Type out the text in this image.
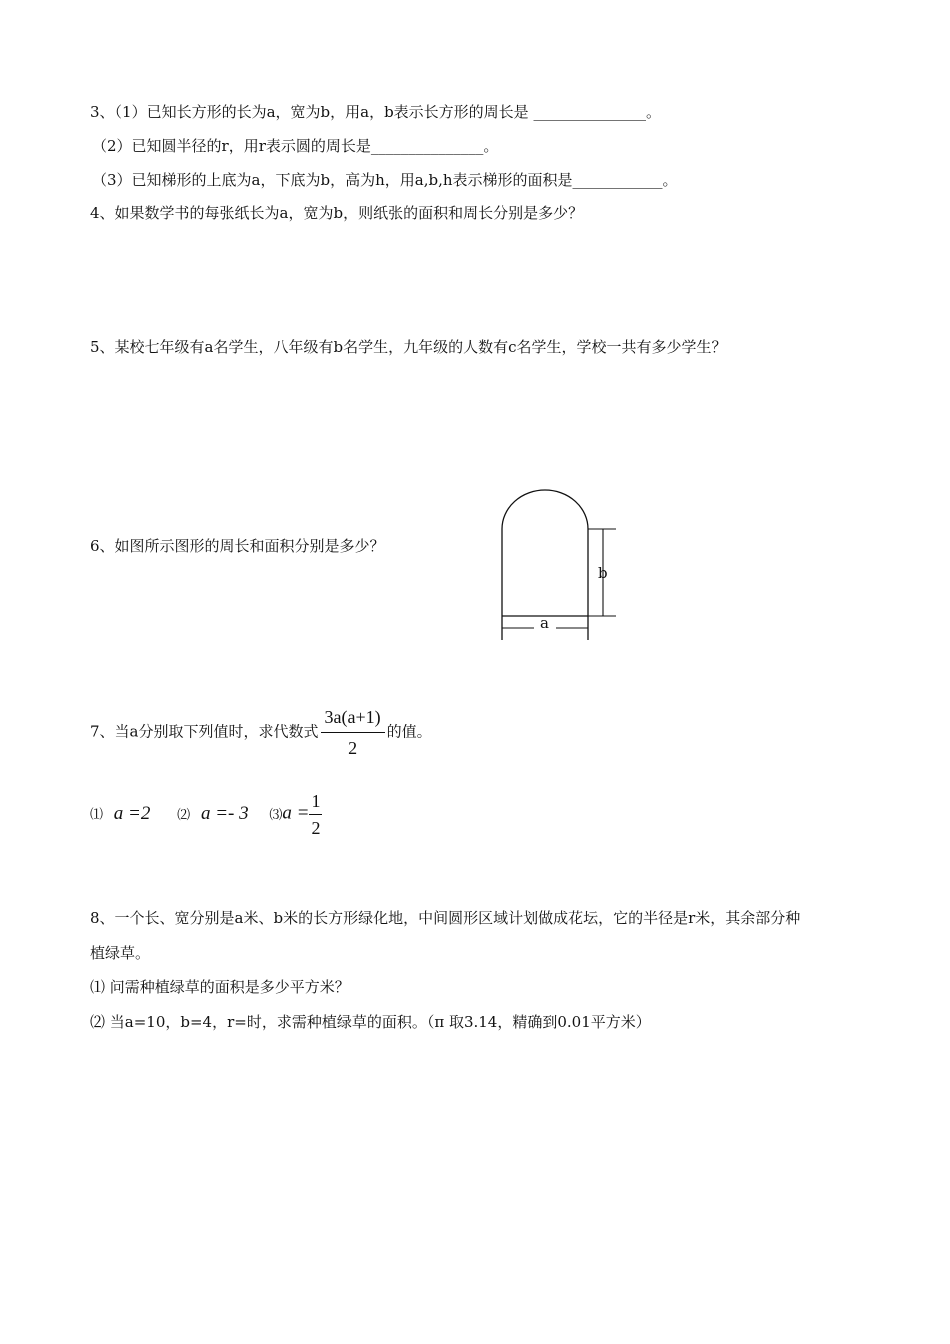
3、（1）已知长方形的长为a，宽为b，用a，b表示长方形的周长是 _______________。
（2）已知圆半径的r，用r表示圆的周长是_______________。
（3）已知梯形的上底为a，下底为b，高为h，用a,b,h表示梯形的面积是____________。
4、如果数学书的每张纸长为a，宽为b，则纸张的面积和周长分别是多少？
5、某校七年级有a名学生，八年级有b名学生，九年级的人数有c名学生，学校一共有多少学生？
6、如图所示图形的周长和面积分别是多少？
b
a
7、当a分别取下列值时，求代数式 $\frac{3a(a+1)}{2}$ 的值。
⑴ a =2 ⑵ a =- 3 ⑶a = $\frac{1}{2}$
8、一个长、宽分别是a米、b米的长方形绿化地，中间圆形区域计划做成花坛，它的半径是r米，其余部分种
植绿草。
⑴ 问需种植绿草的面积是多少平方米？
⑵ 当a=10，b=4，r=时，求需种植绿草的面积。（π 取3.14，精确到0.01平方米）
